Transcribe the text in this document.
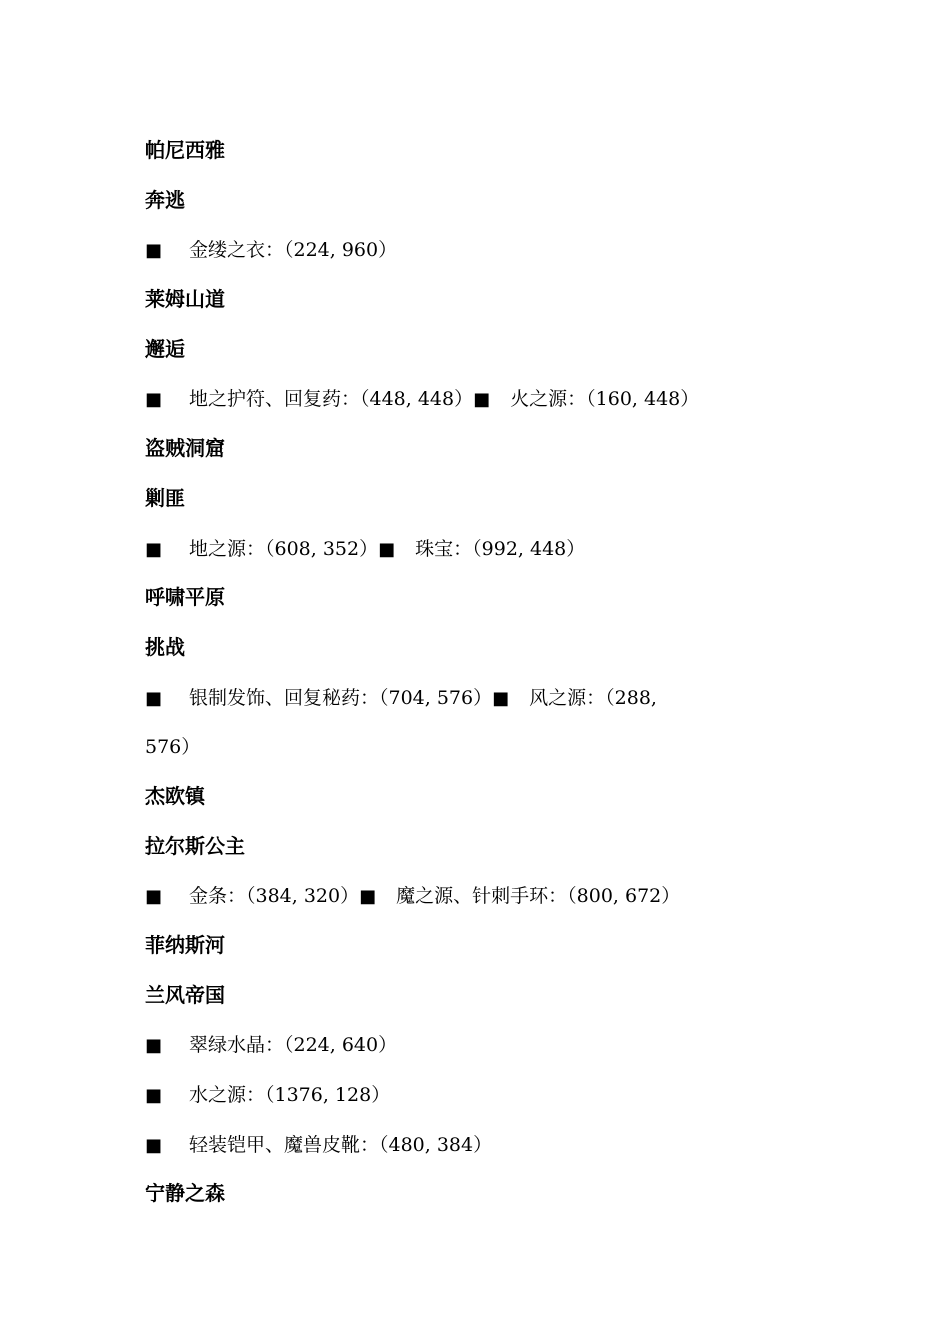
帕尼西雅
奔逃
■ 金缕之衣：（224, 960）
莱姆山道
邂逅
■ 地之护符、回复药：（448, 448）■ 火之源：（160, 448）
盗贼洞窟
剿匪
■ 地之源：（608, 352）■ 珠宝：（992, 448）
呼啸平原
挑战
■ 银制发饰、回复秘药：（704, 576）■ 风之源：（288,
576）
杰欧镇
拉尔斯公主
■ 金条：（384, 320）■ 魔之源、针刺手环：（800, 672）
菲纳斯河
兰风帝国
■ 翠绿水晶：（224, 640）
■ 水之源：（1376, 128）
■ 轻装铠甲、魔兽皮靴：（480, 384）
宁静之森
